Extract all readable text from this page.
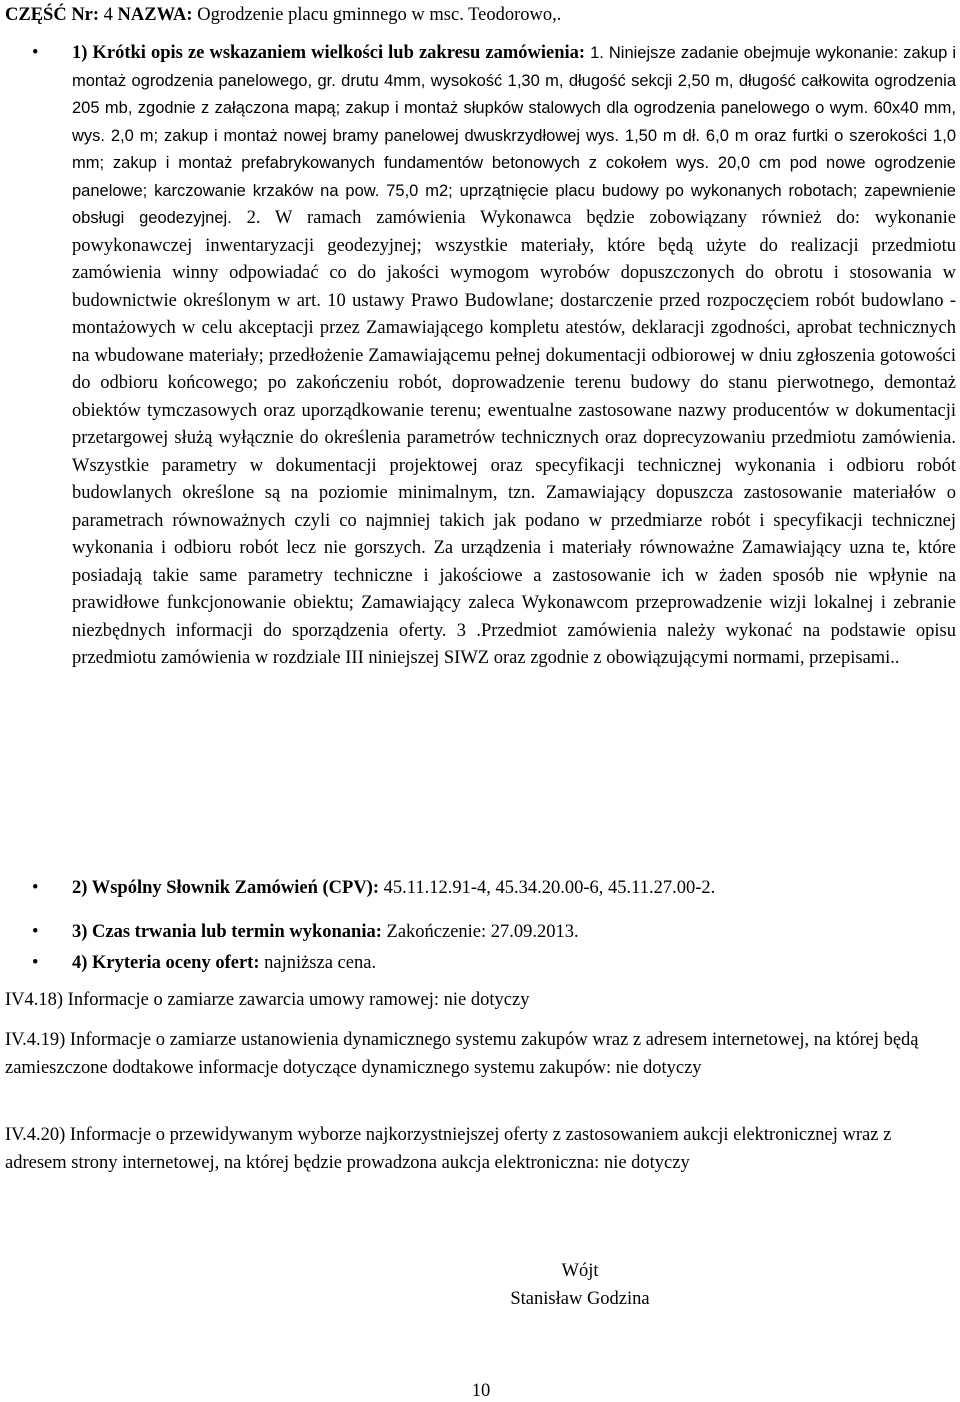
CZĘŚĆ Nr: 4 NAZWA: Ogrodzenie placu gminnego w msc. Teodorowo,.
• 1) Krótki opis ze wskazaniem wielkości lub zakresu zamówienia: 1. Niniejsze zadanie obejmuje wykonanie: zakup i montaż ogrodzenia panelowego, gr. drutu 4mm, wysokość 1,30 m, długość sekcji 2,50 m, długość całkowita ogrodzenia 205 mb, zgodnie z załączona mapą; zakup i montaż słupków stalowych dla ogrodzenia panelowego o wym. 60x40 mm, wys. 2,0 m; zakup i montaż nowej bramy panelowej dwuskrzydłowej wys. 1,50 m dł. 6,0 m oraz furtki o szerokości 1,0 mm; zakup i montaż prefabrykowanych fundamentów betonowych z cokołem wys. 20,0 cm pod nowe ogrodzenie panelowe; karczowanie krzaków na pow. 75,0 m2; uprzątnięcie placu budowy po wykonanych robotach; zapewnienie obsługi geodezyjnej. 2. W ramach zamówienia Wykonawca będzie zobowiązany również do: wykonanie powykonawczej inwentaryzacji geodezyjnej; wszystkie materiały, które będą użyte do realizacji przedmiotu zamówienia winny odpowiadać co do jakości wymogom wyrobów dopuszczonych do obrotu i stosowania w budownictwie określonym w art. 10 ustawy Prawo Budowlane; dostarczenie przed rozpoczęciem robót budowlano - montażowych w celu akceptacji przez Zamawiającego kompletu atestów, deklaracji zgodności, aprobat technicznych na wbudowane materiały; przedłożenie Zamawiającemu pełnej dokumentacji odbiorowej w dniu zgłoszenia gotowości do odbioru końcowego; po zakończeniu robót, doprowadzenie terenu budowy do stanu pierwotnego, demontaż obiektów tymczasowych oraz uporządkowanie terenu; ewentualne zastosowane nazwy producentów w dokumentacji przetargowej służą wyłącznie do określenia parametrów technicznych oraz doprecyzowaniu przedmiotu zamówienia. Wszystkie parametry w dokumentacji projektowej oraz specyfikacji technicznej wykonania i odbioru robót budowlanych określone są na poziomie minimalnym, tzn. Zamawiający dopuszcza zastosowanie materiałów o parametrach równoważnych czyli co najmniej takich jak podano w przedmiarze robót i specyfikacji technicznej wykonania i odbioru robót lecz nie gorszych. Za urządzenia i materiały równoważne Zamawiający uzna te, które posiadają takie same parametry techniczne i jakościowe a zastosowanie ich w żaden sposób nie wpłynie na prawidłowe funkcjonowanie obiektu; Zamawiający zaleca Wykonawcom przeprowadzenie wizji lokalnej i zebranie niezbędnych informacji do sporządzenia oferty. 3 .Przedmiot zamówienia należy wykonać na podstawie opisu przedmiotu zamówienia w rozdziale III niniejszej SIWZ oraz zgodnie z obowiązującymi normami, przepisami..

• 2) Wspólny Słownik Zamówień (CPV): 45.11.12.91-4, 45.34.20.00-6, 45.11.27.00-2.

• 3) Czas trwania lub termin wykonania: Zakończenie: 27.09.2013.

• 4) Kryteria oceny ofert: najniższa cena.

IV4.18) Informacje o zamiarze zawarcia umowy ramowej: nie dotyczy

IV.4.19) Informacje o zamiarze ustanowienia dynamicznego systemu zakupów wraz z adresem internetowej, na której będą zamieszczone dodtakowe informacje dotyczące dynamicznego systemu zakupów: nie dotyczy

IV.4.20) Informacje o przewidywanym wyborze najkorzystniejszej oferty z zastosowaniem aukcji elektronicznej wraz z adresem strony internetowej, na której będzie prowadzona aukcja elektroniczna: nie dotyczy

Wójt
Stanisław Godzina
10
